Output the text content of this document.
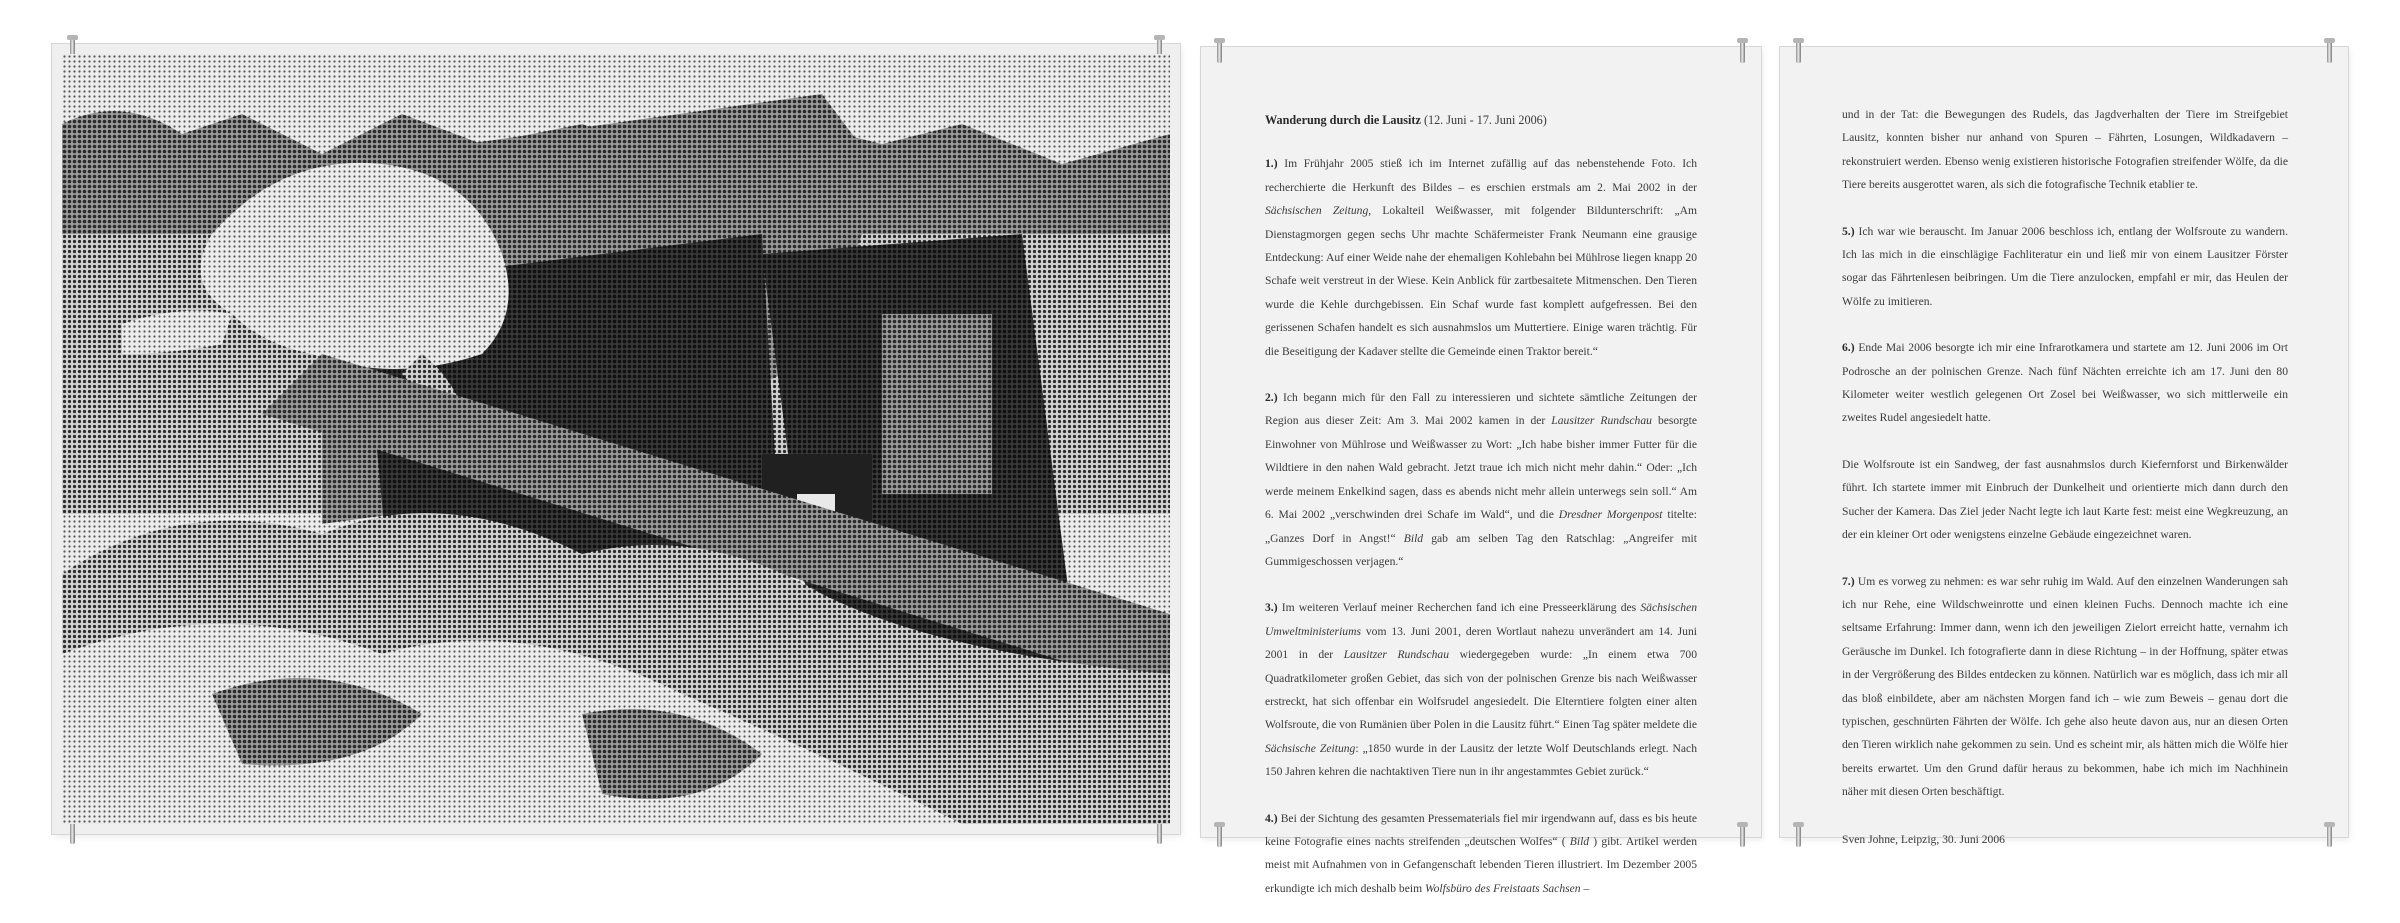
Wanderung durch die Lausitz (12. Juni - 17. Juni 2006)

1.) Im Frühjahr 2005 stieß ich im Internet zufällig auf das nebenstehende Foto. Ich recherchierte die Herkunft des Bildes – es erschien erstmals am 2. Mai 2002 in der Sächsischen Zeitung, Lokalteil Weißwasser, mit folgender Bildunterschrift: „Am Dienstagmorgen gegen sechs Uhr machte Schäfermeister Frank Neumann eine grausige Entdeckung: Auf einer Weide nahe der ehemaligen Kohlebahn bei Mühlrose liegen knapp 20 Schafe weit verstreut in der Wiese. Kein Anblick für zartbesaitete Mitmenschen. Den Tieren wurde die Kehle durchgebissen. Ein Schaf wurde fast komplett aufgefressen. Bei den gerissenen Schafen handelt es sich ausnahmslos um Muttertiere. Einige waren trächtig. Für die Beseitigung der Kadaver stellte die Gemeinde einen Traktor bereit.“

2.) Ich begann mich für den Fall zu interessieren und sichtete sämtliche Zeitungen der Region aus dieser Zeit: Am 3. Mai 2002 kamen in der Lausitzer Rundschau besorgte Einwohner von Mühlrose und Weißwasser zu Wort: „Ich habe bisher immer Futter für die Wildtiere in den nahen Wald gebracht. Jetzt traue ich mich nicht mehr dahin.“ Oder: „Ich werde meinem Enkelkind sagen, dass es abends nicht mehr allein unterwegs sein soll.“ Am 6. Mai 2002 „verschwinden drei Schafe im Wald“, und die Dresdner Morgenpost titelte: „Ganzes Dorf in Angst!“ Bild gab am selben Tag den Ratschlag: „Angreifer mit Gummigeschossen verjagen.“

3.) Im weiteren Verlauf meiner Recherchen fand ich eine Presseerklärung des Sächsischen Umweltministeriums vom 13. Juni 2001, deren Wortlaut nahezu unverändert am 14. Juni 2001 in der Lausitzer Rundschau wiedergegeben wurde: „In einem etwa 700 Quadratkilometer großen Gebiet, das sich von der polnischen Grenze bis nach Weißwasser erstreckt, hat sich offenbar ein Wolfsrudel angesiedelt. Die Elterntiere folgten einer alten Wolfsroute, die von Rumänien über Polen in die Lausitz führt.“ Einen Tag später meldete die Sächsische Zeitung: „1850 wurde in der Lausitz der letzte Wolf Deutschlands erlegt. Nach 150 Jahren kehren die nachtaktiven Tiere nun in ihr angestammtes Gebiet zurück.“

4.) Bei der Sichtung des gesamten Pressematerials fiel mir irgendwann auf, dass es bis heute keine Fotografie eines nachts streifenden „deutschen Wolfes“ ( Bild ) gibt. Artikel werden meist mit Aufnahmen von in Gefangenschaft lebenden Tieren illustriert. Im Dezember 2005 erkundigte ich mich deshalb beim Wolfsbüro des Freistaats Sachsen –

und in der Tat: die Bewegungen des Rudels, das Jagdverhalten der Tiere im Streifgebiet Lausitz, konnten bisher nur anhand von Spuren – Fährten, Losungen, Wildkadavern – rekonstruiert werden. Ebenso wenig existieren historische Fotografien streifender Wölfe, da die Tiere bereits ausgerottet waren, als sich die fotografische Technik etablier te.

5.) Ich war wie berauscht. Im Januar 2006 beschloss ich, entlang der Wolfsroute zu wandern. Ich las mich in die einschlägige Fachliteratur ein und ließ mir von einem Lausitzer Förster sogar das Fährtenlesen beibringen. Um die Tiere anzulocken, empfahl er mir, das Heulen der Wölfe zu imitieren.

6.) Ende Mai 2006 besorgte ich mir eine Infrarotkamera und startete am 12. Juni 2006 im Ort Podrosche an der polnischen Grenze. Nach fünf Nächten erreichte ich am 17. Juni den 80 Kilometer weiter westlich gelegenen Ort Zosel bei Weißwasser, wo sich mittlerweile ein zweites Rudel angesiedelt hatte.

Die Wolfsroute ist ein Sandweg, der fast ausnahmslos durch Kiefernforst und Birkenwälder führt. Ich startete immer mit Einbruch der Dunkelheit und orientierte mich dann durch den Sucher der Kamera. Das Ziel jeder Nacht legte ich laut Karte fest: meist eine Wegkreuzung, an der ein kleiner Ort oder wenigstens einzelne Gebäude eingezeichnet waren.

7.) Um es vorweg zu nehmen: es war sehr ruhig im Wald. Auf den einzelnen Wanderungen sah ich nur Rehe, eine Wildschweinrotte und einen kleinen Fuchs. Dennoch machte ich eine seltsame Erfahrung: Immer dann, wenn ich den jeweiligen Zielort erreicht hatte, vernahm ich Geräusche im Dunkel. Ich fotografierte dann in diese Richtung – in der Hoffnung, später etwas in der Vergrößerung des Bildes entdecken zu können. Natürlich war es möglich, dass ich mir all das bloß einbildete, aber am nächsten Morgen fand ich – wie zum Beweis – genau dort die typischen, geschnürten Fährten der Wölfe. Ich gehe also heute davon aus, nur an diesen Orten den Tieren wirklich nahe gekommen zu sein. Und es scheint mir, als hätten mich die Wölfe hier bereits erwartet. Um den Grund dafür heraus zu bekommen, habe ich mich im Nachhinein näher mit diesen Orten beschäftigt.

Sven Johne, Leipzig, 30. Juni 2006
